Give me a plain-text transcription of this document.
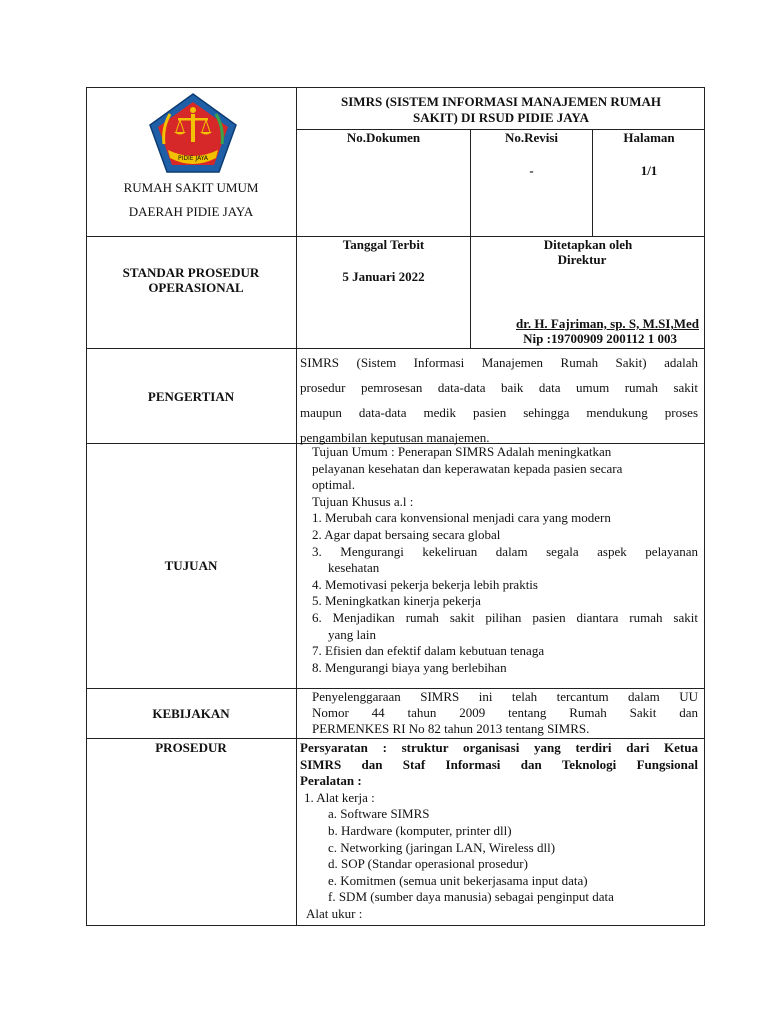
PIDIE JAYA
RUMAH SAKIT UMUM
DAERAH PIDIE JAYA
SIMRS (SISTEM INFORMASI MANAJEMEN RUMAH SAKIT) DI RSUD PIDIE JAYA
No.Dokumen	No.Revisi
-
Halaman
1/1
STANDAR PROSEDUR
OPERASIONAL
Tanggal Terbit
5 Januari 2022
Ditetapkan oleh
Direktur
dr. H. Fajriman, sp. S, M.SI,Med
Nip :19700909 200112 1 003
PENGERTIAN
SIMRS (Sistem Informasi Manajemen Rumah Sakit) adalah
prosedur pemrosesan data-data baik data umum rumah sakit
maupun data-data medik pasien sehingga mendukung proses
pengambilan keputusan manajemen.
TUJUAN
Tujuan Umum : Penerapan SIMRS Adalah meningkatkan
pelayanan kesehatan dan keperawatan kepada pasien secara
optimal.
Tujuan Khusus a.l :
1. Merubah cara konvensional menjadi cara yang modern
2. Agar dapat bersaing secara global
3. Mengurangi kekeliruan dalam segala aspek pelayanan
kesehatan
4. Memotivasi pekerja bekerja lebih praktis
5. Meningkatkan kinerja pekerja
6. Menjadikan rumah sakit pilihan pasien diantara rumah sakit
yang lain
7. Efisien dan efektif dalam kebutuan tenaga
8. Mengurangi biaya yang berlebihan
KEBIJAKAN
Penyelenggaraan SIMRS ini telah tercantum dalam UU
Nomor 44 tahun 2009 tentang Rumah Sakit dan
PERMENKES RI No 82 tahun 2013 tentang SIMRS.
PROSEDUR	Persyaratan : struktur organisasi yang terdiri dari Ketua
SIMRS dan Staf Informasi dan Teknologi Fungsional
Peralatan :
1. Alat kerja :
a. Software SIMRS
b. Hardware (komputer, printer dll)
c. Networking (jaringan LAN, Wireless dll)
d. SOP (Standar operasional prosedur)
e. Komitmen (semua unit bekerjasama input data)
f. SDM (sumber daya manusia) sebagai penginput data
Alat ukur :
